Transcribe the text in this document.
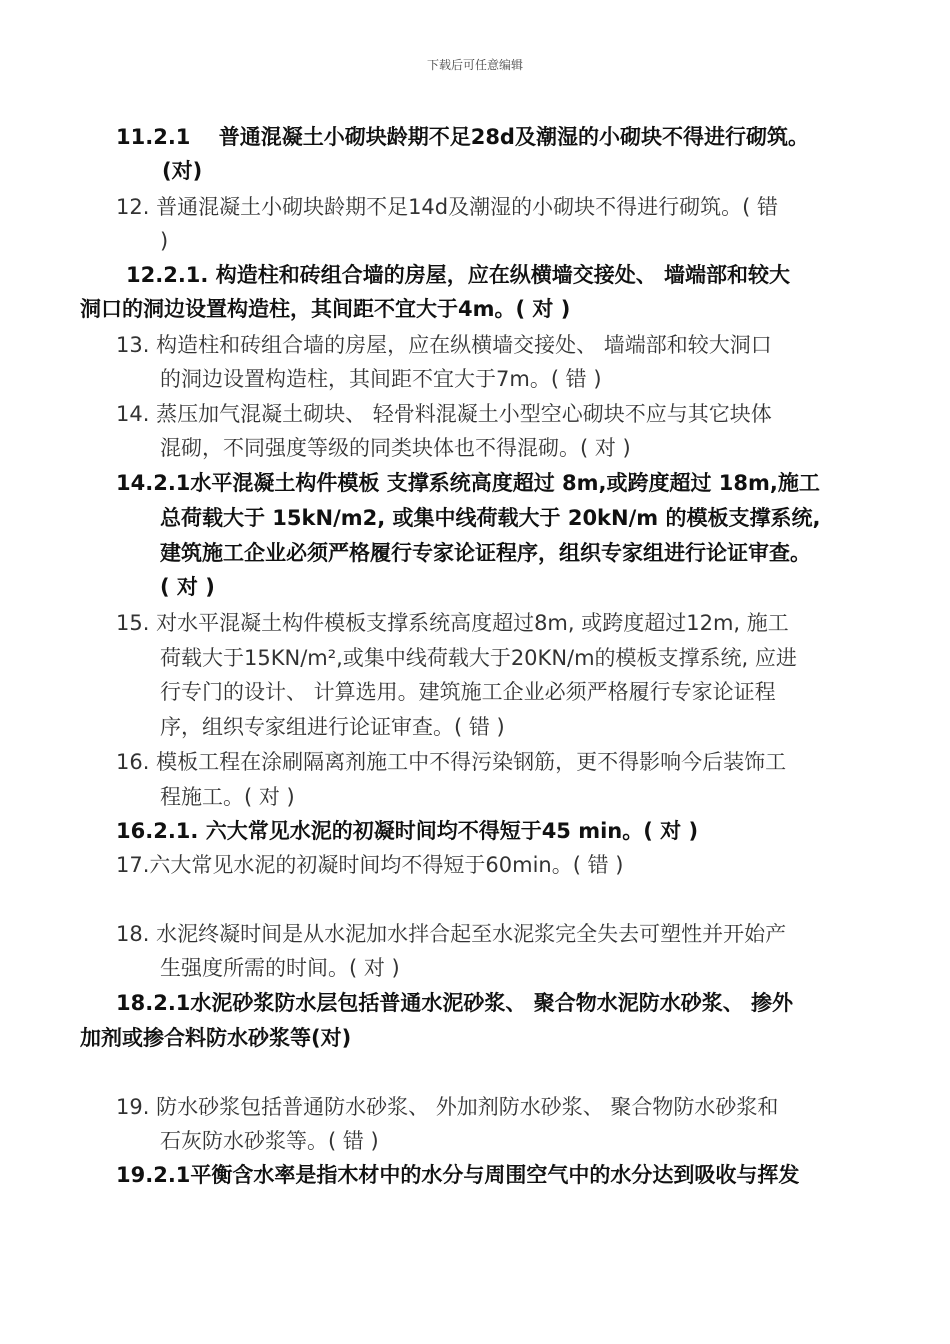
下载后可任意编辑
11.2.1　 普通混凝土小砌块龄期不足28d及潮湿的小砌块不得进行砌筑。
(对)
12. 普通混凝土小砌块龄期不足14d及潮湿的小砌块不得进行砌筑。( 错
)
12.2.1. 构造柱和砖组合墙的房屋，应在纵横墙交接处、 墙端部和较大
洞口的洞边设置构造柱，其间距不宜大于4m。( 对 )
13. 构造柱和砖组合墙的房屋，应在纵横墙交接处、 墙端部和较大洞口
的洞边设置构造柱，其间距不宜大于7m。( 错 )
14. 蒸压加气混凝土砌块、 轻骨料混凝土小型空心砌块不应与其它块体
混砌，不同强度等级的同类块体也不得混砌。( 对 )
14.2.1水平混凝土构件模板 支撑系统高度超过 8m,或跨度超过 18m,施工
总荷载大于 15kN/m2, 或集中线荷载大于 20kN/m 的模板支撑系统,
建筑施工企业必须严格履行专家论证程序，组织专家组进行论证审查。
( 对 )
15. 对水平混凝土构件模板支撑系统高度超过8m, 或跨度超过12m, 施工
荷载大于15KN/m²,或集中线荷载大于20KN/m的模板支撑系统, 应进
行专门的设计、 计算选用。建筑施工企业必须严格履行专家论证程
序，组织专家组进行论证审查。( 错 )
16. 模板工程在涂刷隔离剂施工中不得污染钢筋，更不得影响今后装饰工
程施工。( 对 )
16.2.1. 六大常见水泥的初凝时间均不得短于45 min。( 对 )
17.六大常见水泥的初凝时间均不得短于60min。( 错 )
18. 水泥终凝时间是从水泥加水拌合起至水泥浆完全失去可塑性并开始产
生强度所需的时间。( 对 )
18.2.1水泥砂浆防水层包括普通水泥砂浆、 聚合物水泥防水砂浆、 掺外
加剂或掺合料防水砂浆等(对)
19. 防水砂浆包括普通防水砂浆、 外加剂防水砂浆、 聚合物防水砂浆和
石灰防水砂浆等。( 错 )
19.2.1平衡含水率是指木材中的水分与周围空气中的水分达到吸收与挥发
